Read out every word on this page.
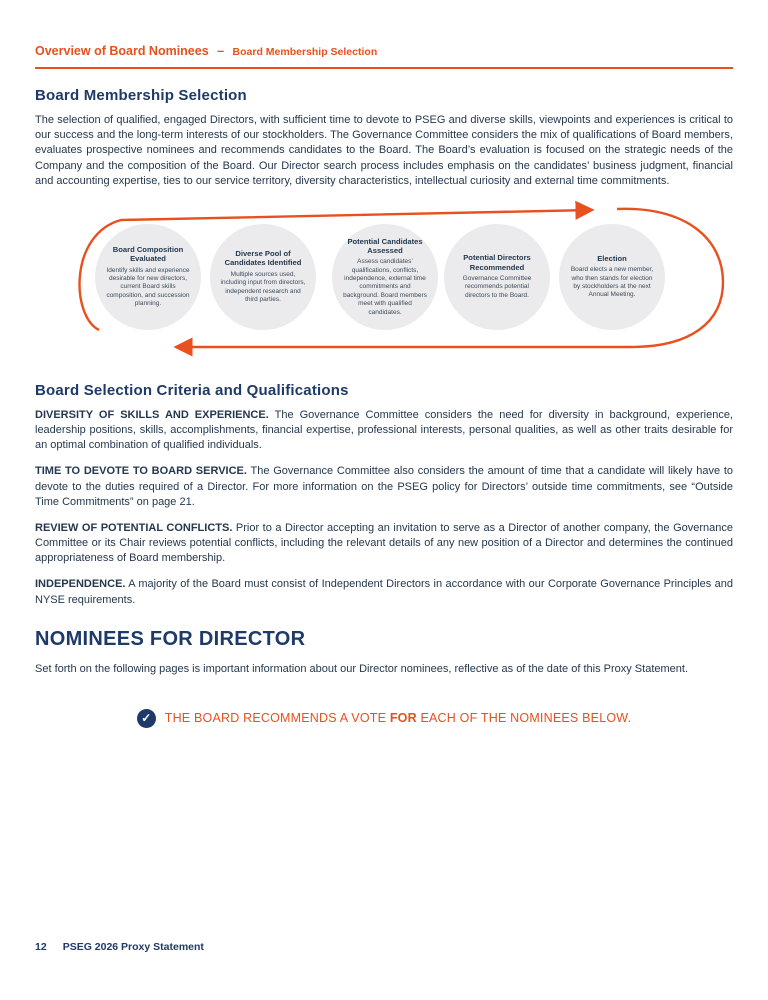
Overview of Board Nominees – Board Membership Selection
Board Membership Selection

The selection of qualified, engaged Directors, with sufficient time to devote to PSEG and diverse skills, viewpoints and experiences is critical to our success and the long-term interests of our stockholders. The Governance Committee considers the mix of qualifications of Board members, evaluates prospective nominees and recommends candidates to the Board. The Board’s evaluation is focused on the strategic needs of the Company and the composition of the Board. Our Director search process includes emphasis on the candidates’ business judgment, financial and accounting expertise, ties to our service territory, diversity characteristics, intellectual curiosity and external time commitments.

Board Composition Evaluated
Identify skills and experience desirable for new directors, current Board skills composition, and succession planning.
Diverse Pool of Candidates Identified
Multiple sources used, including input from directors, independent research and third parties.
Potential Candidates Assessed
Assess candidates’ qualifications, conflicts, independence, external time commitments and background. Board members meet with qualified candidates.
Potential Directors Recommended
Governance Committee recommends potential directors to the Board.
Election
Board elects a new member, who then stands for election by stockholders at the next Annual Meeting.
Board Selection Criteria and Qualifications

DIVERSITY OF SKILLS AND EXPERIENCE. The Governance Committee considers the need for diversity in background, experience, leadership positions, skills, accomplishments, financial expertise, professional interests, personal qualities, as well as other traits desirable for an optimal combination of qualified individuals.

TIME TO DEVOTE TO BOARD SERVICE. The Governance Committee also considers the amount of time that a candidate will likely have to devote to the duties required of a Director. For more information on the PSEG policy for Directors’ outside time commitments, see “Outside Time Commitments” on page 21.

REVIEW OF POTENTIAL CONFLICTS. Prior to a Director accepting an invitation to serve as a Director of another company, the Governance Committee or its Chair reviews potential conflicts, including the relevant details of any new position of a Director and determines the continued appropriateness of Board membership.

INDEPENDENCE. A majority of the Board must consist of Independent Directors in accordance with our Corporate Governance Principles and NYSE requirements.

NOMINEES FOR DIRECTOR

Set forth on the following pages is important information about our Director nominees, reflective as of the date of this Proxy Statement.

✓ THE BOARD RECOMMENDS A VOTE FOR EACH OF THE NOMINEES BELOW.
12 PSEG 2026 Proxy Statement
